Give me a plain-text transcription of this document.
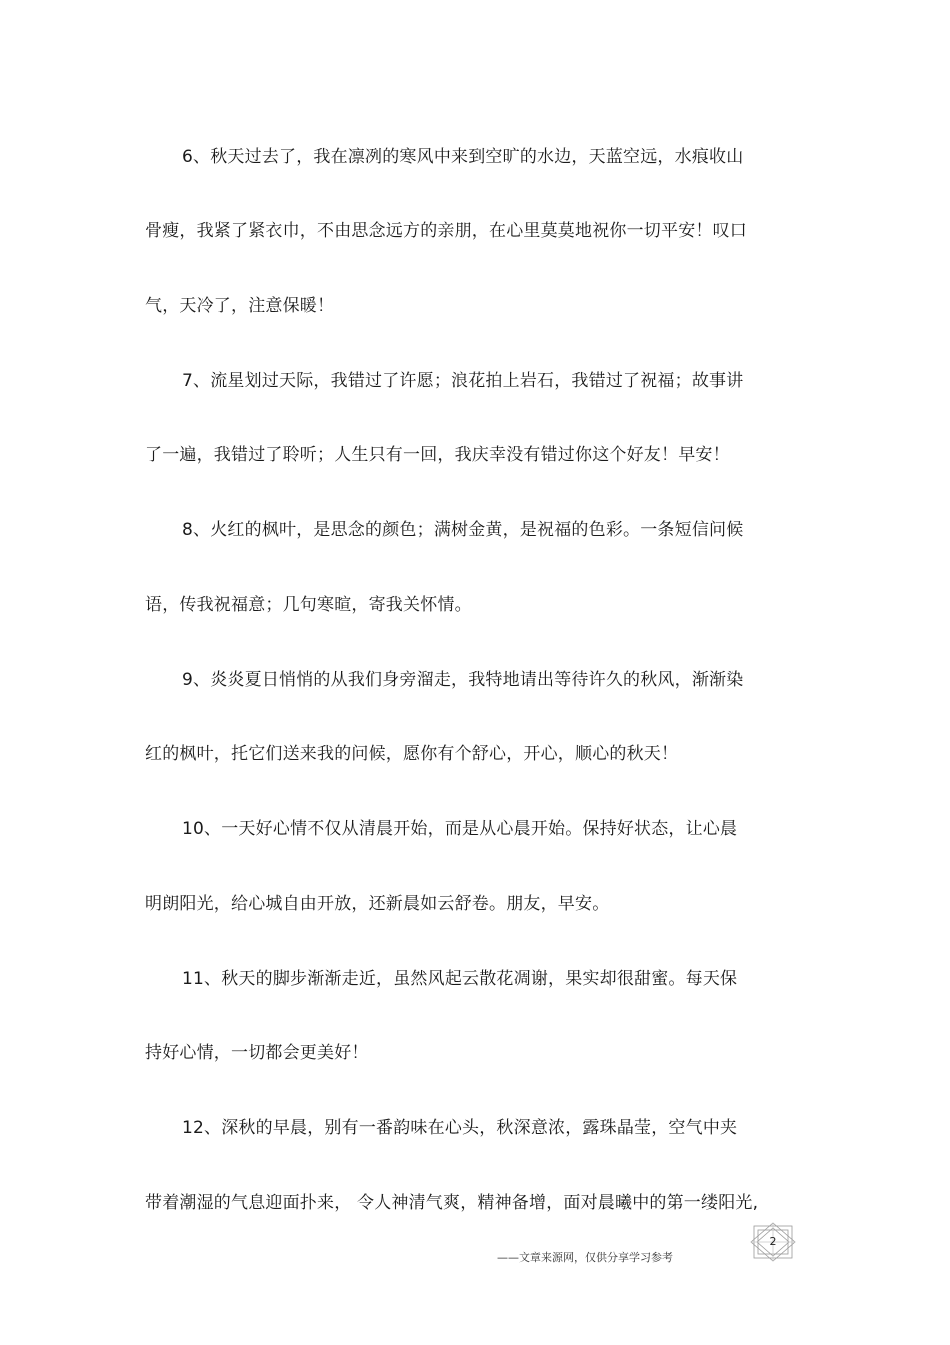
6、秋天过去了，我在凛冽的寒风中来到空旷的水边，天蓝空远，水痕收山
骨瘦，我紧了紧衣巾，不由思念远方的亲朋，在心里莫莫地祝你一切平安！叹口
气，天冷了，注意保暖！
7、流星划过天际，我错过了许愿；浪花拍上岩石，我错过了祝福；故事讲
了一遍，我错过了聆听；人生只有一回，我庆幸没有错过你这个好友！早安！
8、火红的枫叶，是思念的颜色；满树金黄，是祝福的色彩。一条短信问候
语，传我祝福意；几句寒暄，寄我关怀情。
9、炎炎夏日悄悄的从我们身旁溜走，我特地请出等待许久的秋风，渐渐染
红的枫叶，托它们送来我的问候，愿你有个舒心，开心，顺心的秋天！
10、一天好心情不仅从清晨开始，而是从心晨开始。保持好状态，让心晨
明朗阳光，给心城自由开放，还新晨如云舒卷。朋友，早安。
11、秋天的脚步渐渐走近，虽然风起云散花凋谢，果实却很甜蜜。每天保
持好心情，一切都会更美好！
12、深秋的早晨，别有一番韵味在心头，秋深意浓，露珠晶莹，空气中夹
带着潮湿的气息迎面扑来， 令人神清气爽，精神备增，面对晨曦中的第一缕阳光,
——文章来源网，仅供分享学习参考
2
